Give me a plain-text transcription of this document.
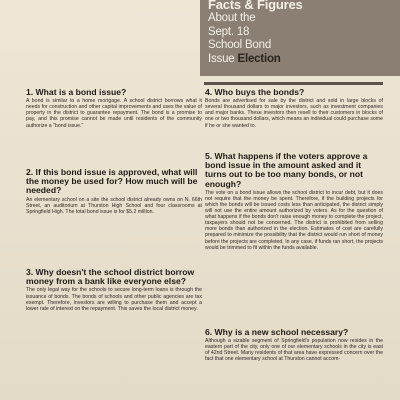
Facts & Figures
About the
Sept. 18
School Bond
Issue Election

1. What is a bond issue?

A bond is similar to a home mortgage. A school district borrows what it needs for construction and other capital improvements and uses the value of property in the district to guarantee repayment. The bond is a promise to pay, and this promise cannot be made until residents of the community authorize a "bond issue."

2. If this bond issue is approved, what will the money be used for? How much will be needed?

An elementary school on a site the school district already owns on N. 66th Street, an auditorium at Thurston High School and four classrooms at Springfield High. The total bond issue is for $5.2 million.

3. Why doesn't the school district borrow money from a bank like everyone else?

The only legal way for the schools to secure long-term loans is through the issuance of bonds. The bonds of schools and other public agencies are tax exempt. Therefore, investors are willing to purchase them and accept a lower rate of interest on the repayment. This saves the local district money.

4. Who buys the bonds?

Bonds are advertised for sale by the district and sold in large blocks of several thousand dollars to major investors, such as investment companies and major banks. These investors then resell to their customers in blocks of one or two thousand dollars, which means an individual could purchase some if he or she wanted to.

5. What happens if the voters approve a bond issue in the amount asked and it turns out to be too many bonds, or not enough?

The vote on a bond issue allows the school district to incur debt, but it does not require that the money be spent. Therefore, if the building projects for which the bonds will be issued costs less than anticipated, the district simply will not use the entire amount authorized by voters. As for the question of what happens if the bonds don't raise enough money to complete the project, taxpayers should not be concerned. The district is prohibited from selling more bonds than authorized in the election. Estimates of cost are carefully prepared to minimize the possibility that the district would run short of money before the projects are completed. In any case, if funds ran short, the projects would be trimmed to fit within the funds available.

6. Why is a new school necessary?

Although a sizable segment of Springfield's population now resides in the eastern part of the city, only one of our elementary schools in the city is east of 42nd Street. Many residents of that area have expressed concern over the fact that one elementary school at Thurston cannot accom-
